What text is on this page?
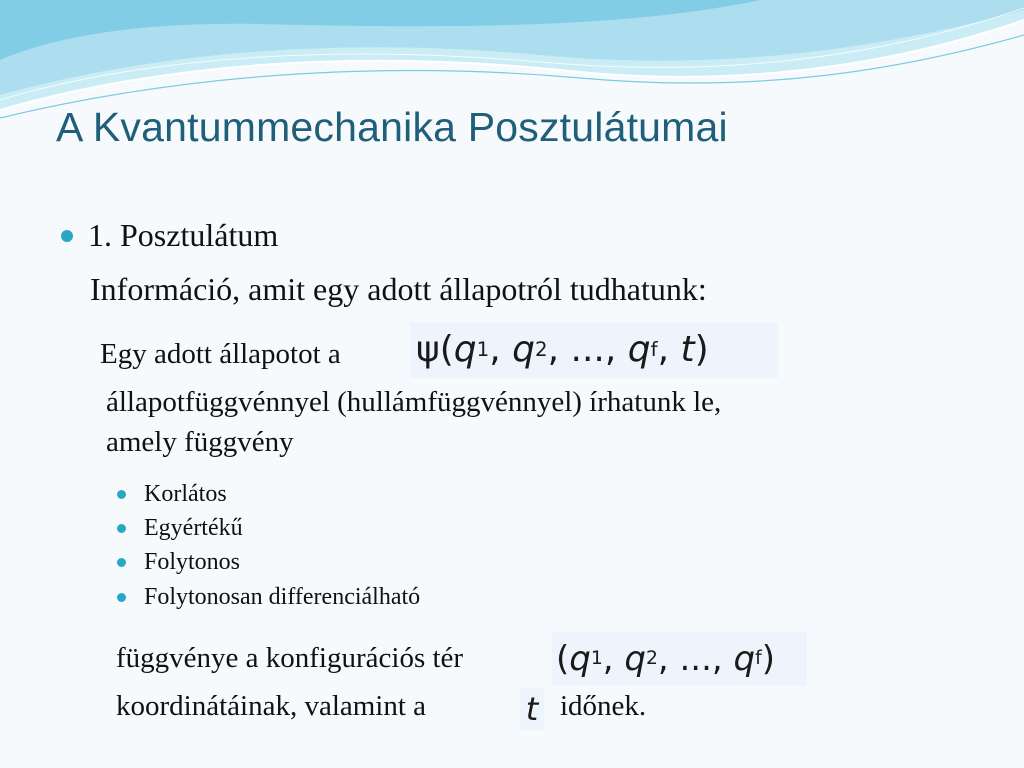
A Kvantummechanika Posztulátumai
1. Posztulátum
Információ, amit egy adott állapotról tudhatunk:
Egy adott állapotot a ψ ( q 1 ,
q 2 ,
... ,
q f ,
t )
állapotfüggvénnyel (hullámfüggvénnyel) írhatunk le,
amely függvény
Korlátos
Egyértékű
Folytonos
Folytonosan differenciálható
függvénye a konfigurációs tér	( q 1 ,
q 2 ,
... ,
q f )
koordinátáinak, valamint a	t időnek.
